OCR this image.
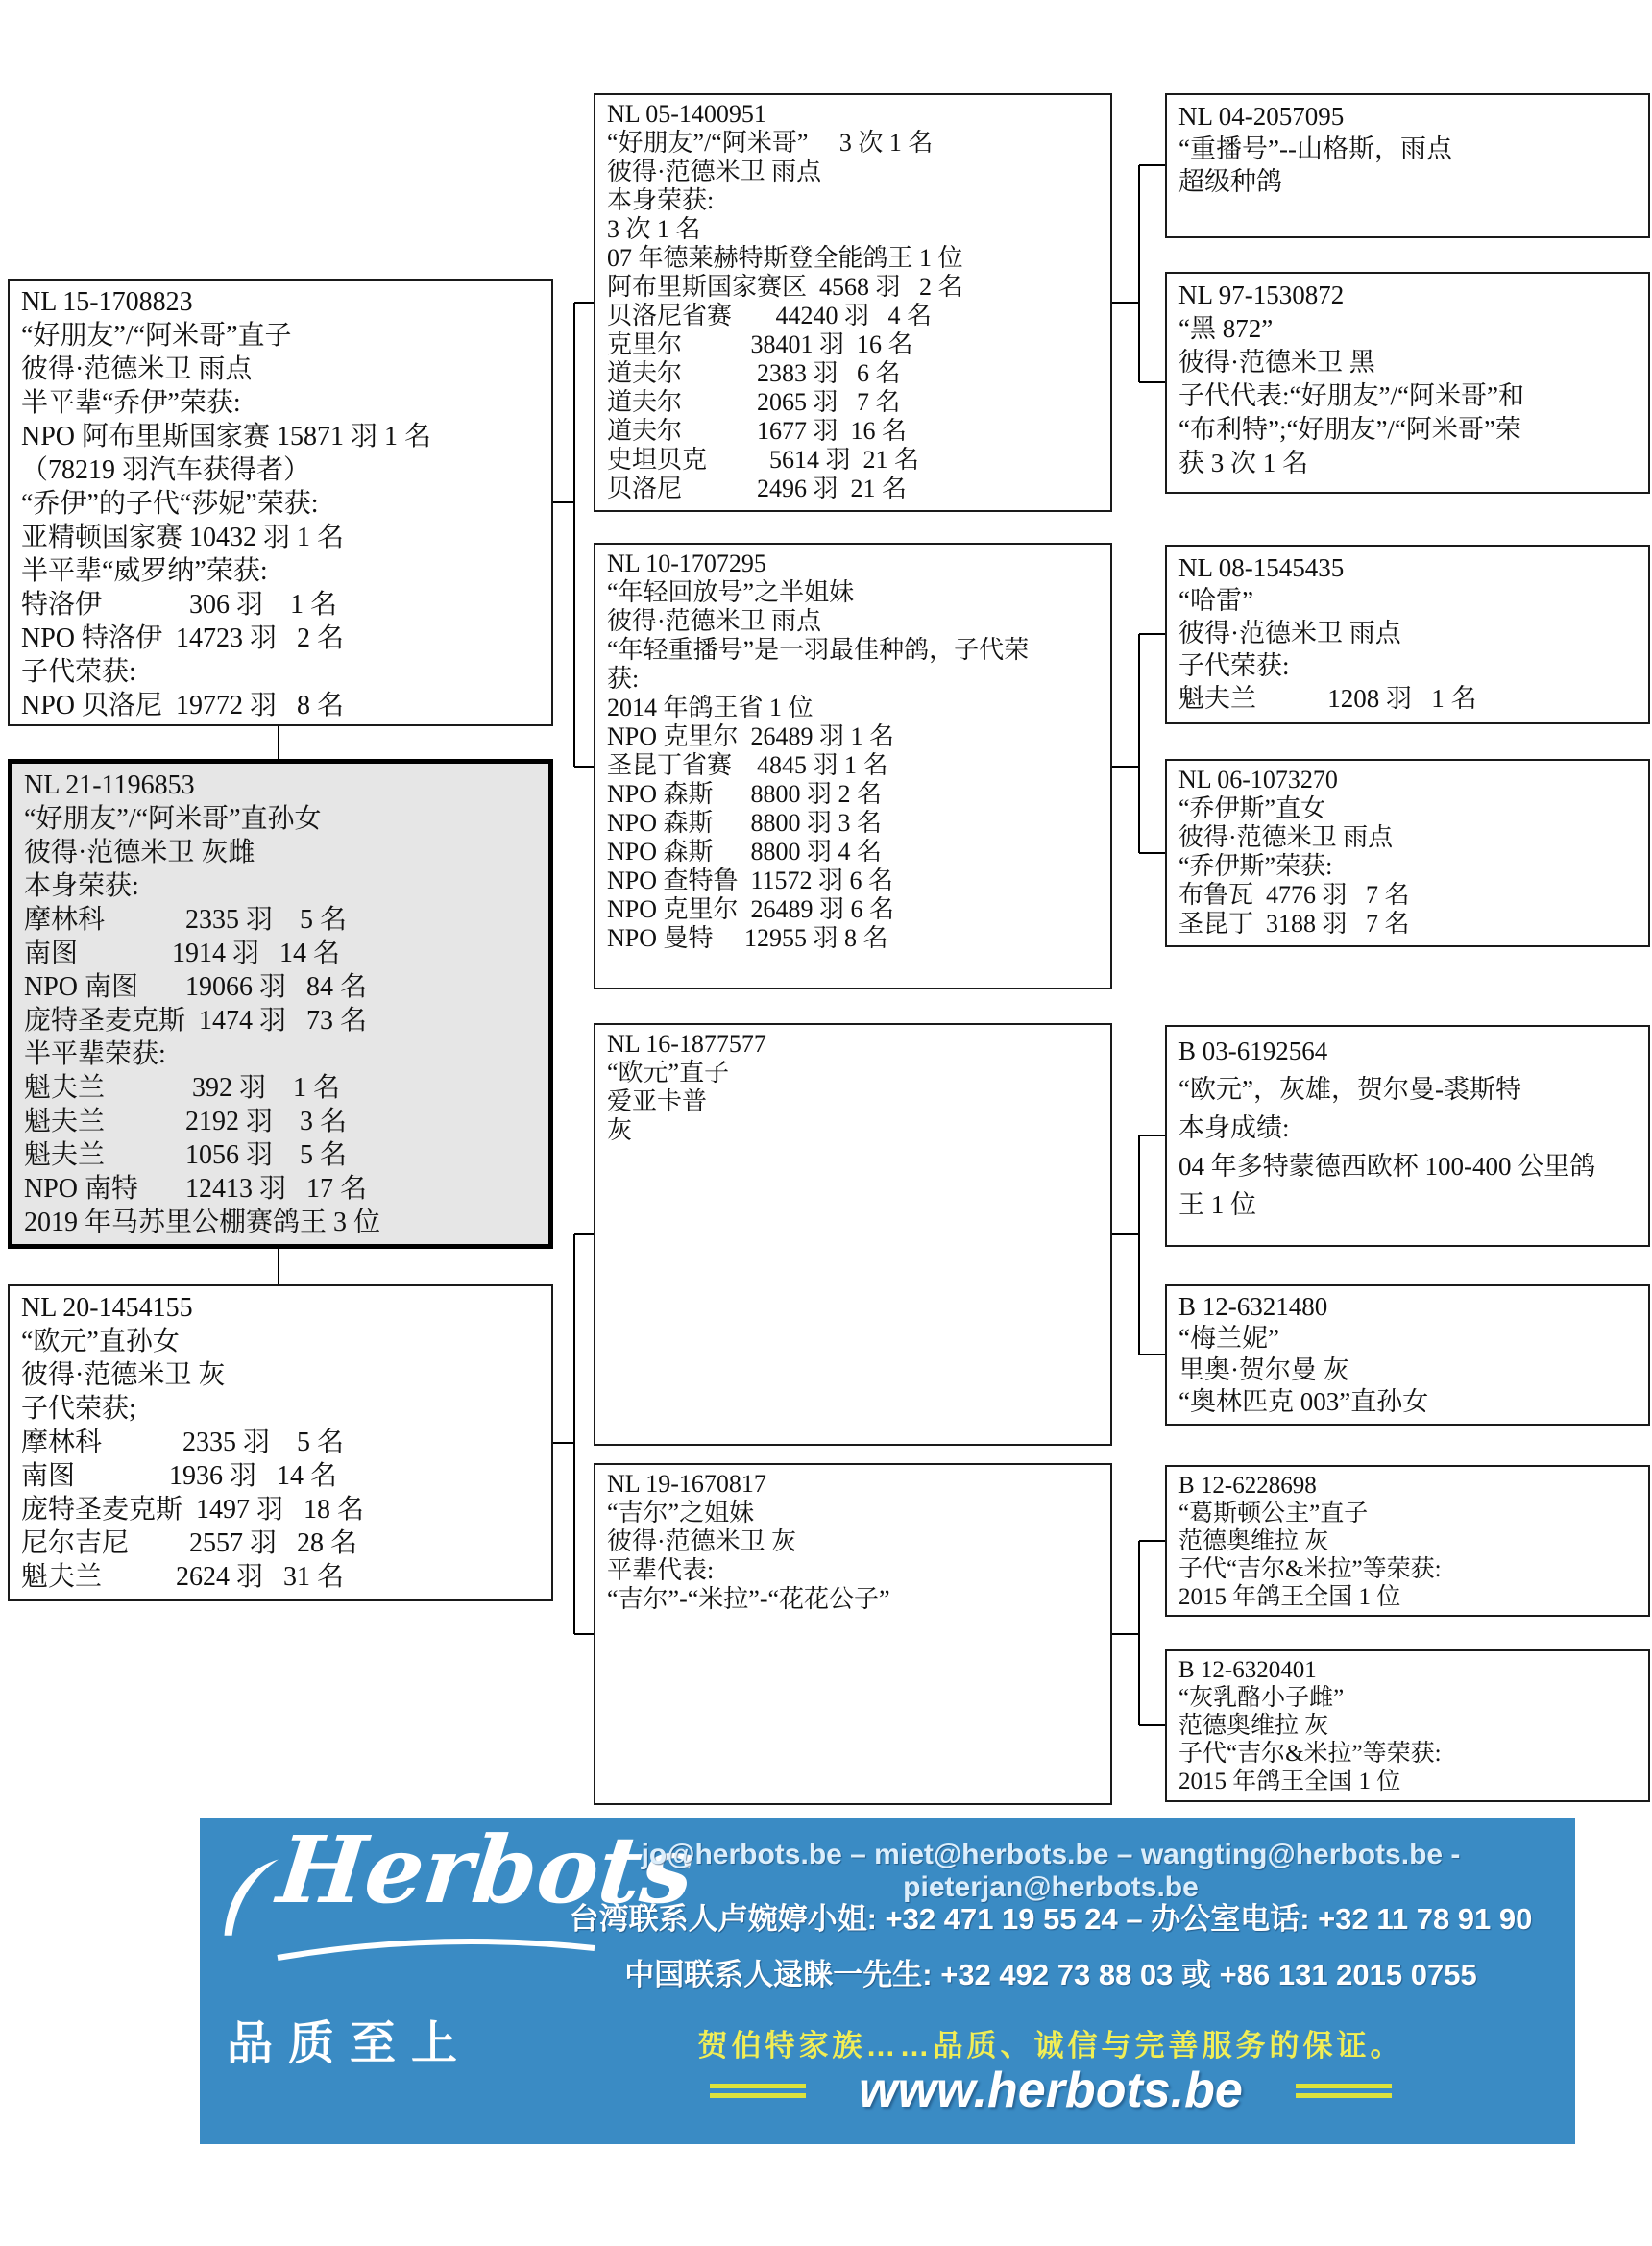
NL 15-1708823
“好朋友”/“阿米哥”直子
彼得·范德米卫 雨点
半平辈“乔伊”荣获:
NPO 阿布里斯国家赛 15871 羽 1 名
（78219 羽汽车获得者）
“乔伊”的子代“莎妮”荣获:
亚精顿国家赛 10432 羽 1 名
半平辈“威罗纳”荣获:
特洛伊             306 羽    1 名
NPO 特洛伊  14723 羽   2 名
子代荣获:
NPO 贝洛尼  19772 羽   8 名
NL 21-1196853
“好朋友”/“阿米哥”直孙女
彼得·范德米卫 灰雌
本身荣获:
摩林科            2335 羽    5 名
南图              1914 羽   14 名
NPO 南图       19066 羽   84 名
庞特圣麦克斯  1474 羽   73 名
半平辈荣获:
魁夫兰             392 羽    1 名
魁夫兰            2192 羽    3 名
魁夫兰            1056 羽    5 名
NPO 南特       12413 羽   17 名
2019 年马苏里公棚赛鸽王 3 位
NL 20-1454155
“欧元”直孙女
彼得·范德米卫 灰
子代荣获;
摩林科            2335 羽    5 名
南图              1936 羽   14 名
庞特圣麦克斯  1497 羽   18 名
尼尔吉尼         2557 羽   28 名
魁夫兰           2624 羽   31 名
NL 05-1400951
“好朋友”/“阿米哥”     3 次 1 名
彼得·范德米卫 雨点
本身荣获:
3 次 1 名
07 年德莱赫特斯登全能鸽王 1 位
阿布里斯国家赛区  4568 羽   2 名
贝洛尼省赛       44240 羽   4 名
克里尔           38401 羽  16 名
道夫尔            2383 羽   6 名
道夫尔            2065 羽   7 名
道夫尔            1677 羽  16 名
史坦贝克          5614 羽  21 名
贝洛尼            2496 羽  21 名
NL 10-1707295
“年轻回放号”之半姐妹
彼得·范德米卫 雨点
“年轻重播号”是一羽最佳种鸽，子代荣
获:
2014 年鸽王省 1 位
NPO 克里尔  26489 羽 1 名
圣昆丁省赛    4845 羽 1 名
NPO 森斯      8800 羽 2 名
NPO 森斯      8800 羽 3 名
NPO 森斯      8800 羽 4 名
NPO 查特鲁  11572 羽 6 名
NPO 克里尔  26489 羽 6 名
NPO 曼特     12955 羽 8 名
NL 16-1877577
“欧元”直子
爱亚卡普
灰
NL 19-1670817
“吉尔”之姐妹
彼得·范德米卫 灰
平辈代表:
“吉尔”-“米拉”-“花花公子”
NL 04-2057095
“重播号”--山格斯，雨点
超级种鸽
NL 97-1530872
“黑 872”
彼得·范德米卫 黑
子代代表:“好朋友”/“阿米哥”和
“布利特”;“好朋友”/“阿米哥”荣
获 3 次 1 名
NL 08-1545435
“哈雷”
彼得·范德米卫 雨点
子代荣获:
魁夫兰           1208 羽   1 名
NL 06-1073270
“乔伊斯”直女
彼得·范德米卫 雨点
“乔伊斯”荣获:
布鲁瓦  4776 羽   7 名
圣昆丁  3188 羽   7 名
B 03-6192564
“欧元”，灰雄，贺尔曼-裘斯特
本身成绩:
04 年多特蒙德西欧杯 100-400 公里鸽
王 1 位
B 12-6321480
“梅兰妮”
里奥·贺尔曼 灰
“奥林匹克 003”直孙女
B 12-6228698
“葛斯顿公主”直子
范德奥维拉 灰
子代“吉尔&米拉”等荣获:
2015 年鸽王全国 1 位
B 12-6320401
“灰乳酪小子雌”
范德奥维拉 灰
子代“吉尔&米拉”等荣获:
2015 年鸽王全国 1 位
Herbots
品质至上
jo@herbots.be – miet@herbots.be – wangting@herbots.be - pieterjan@herbots.be
台湾联系人卢婉婷小姐: +32 471 19 55 24 – 办公室电话: +32 11 78 91 90
中国联系人逯睐一先生: +32 492 73 88 03 或 +86 131 2015 0755
贺伯特家族……品质、诚信与完善服务的保证。
www.herbots.be
